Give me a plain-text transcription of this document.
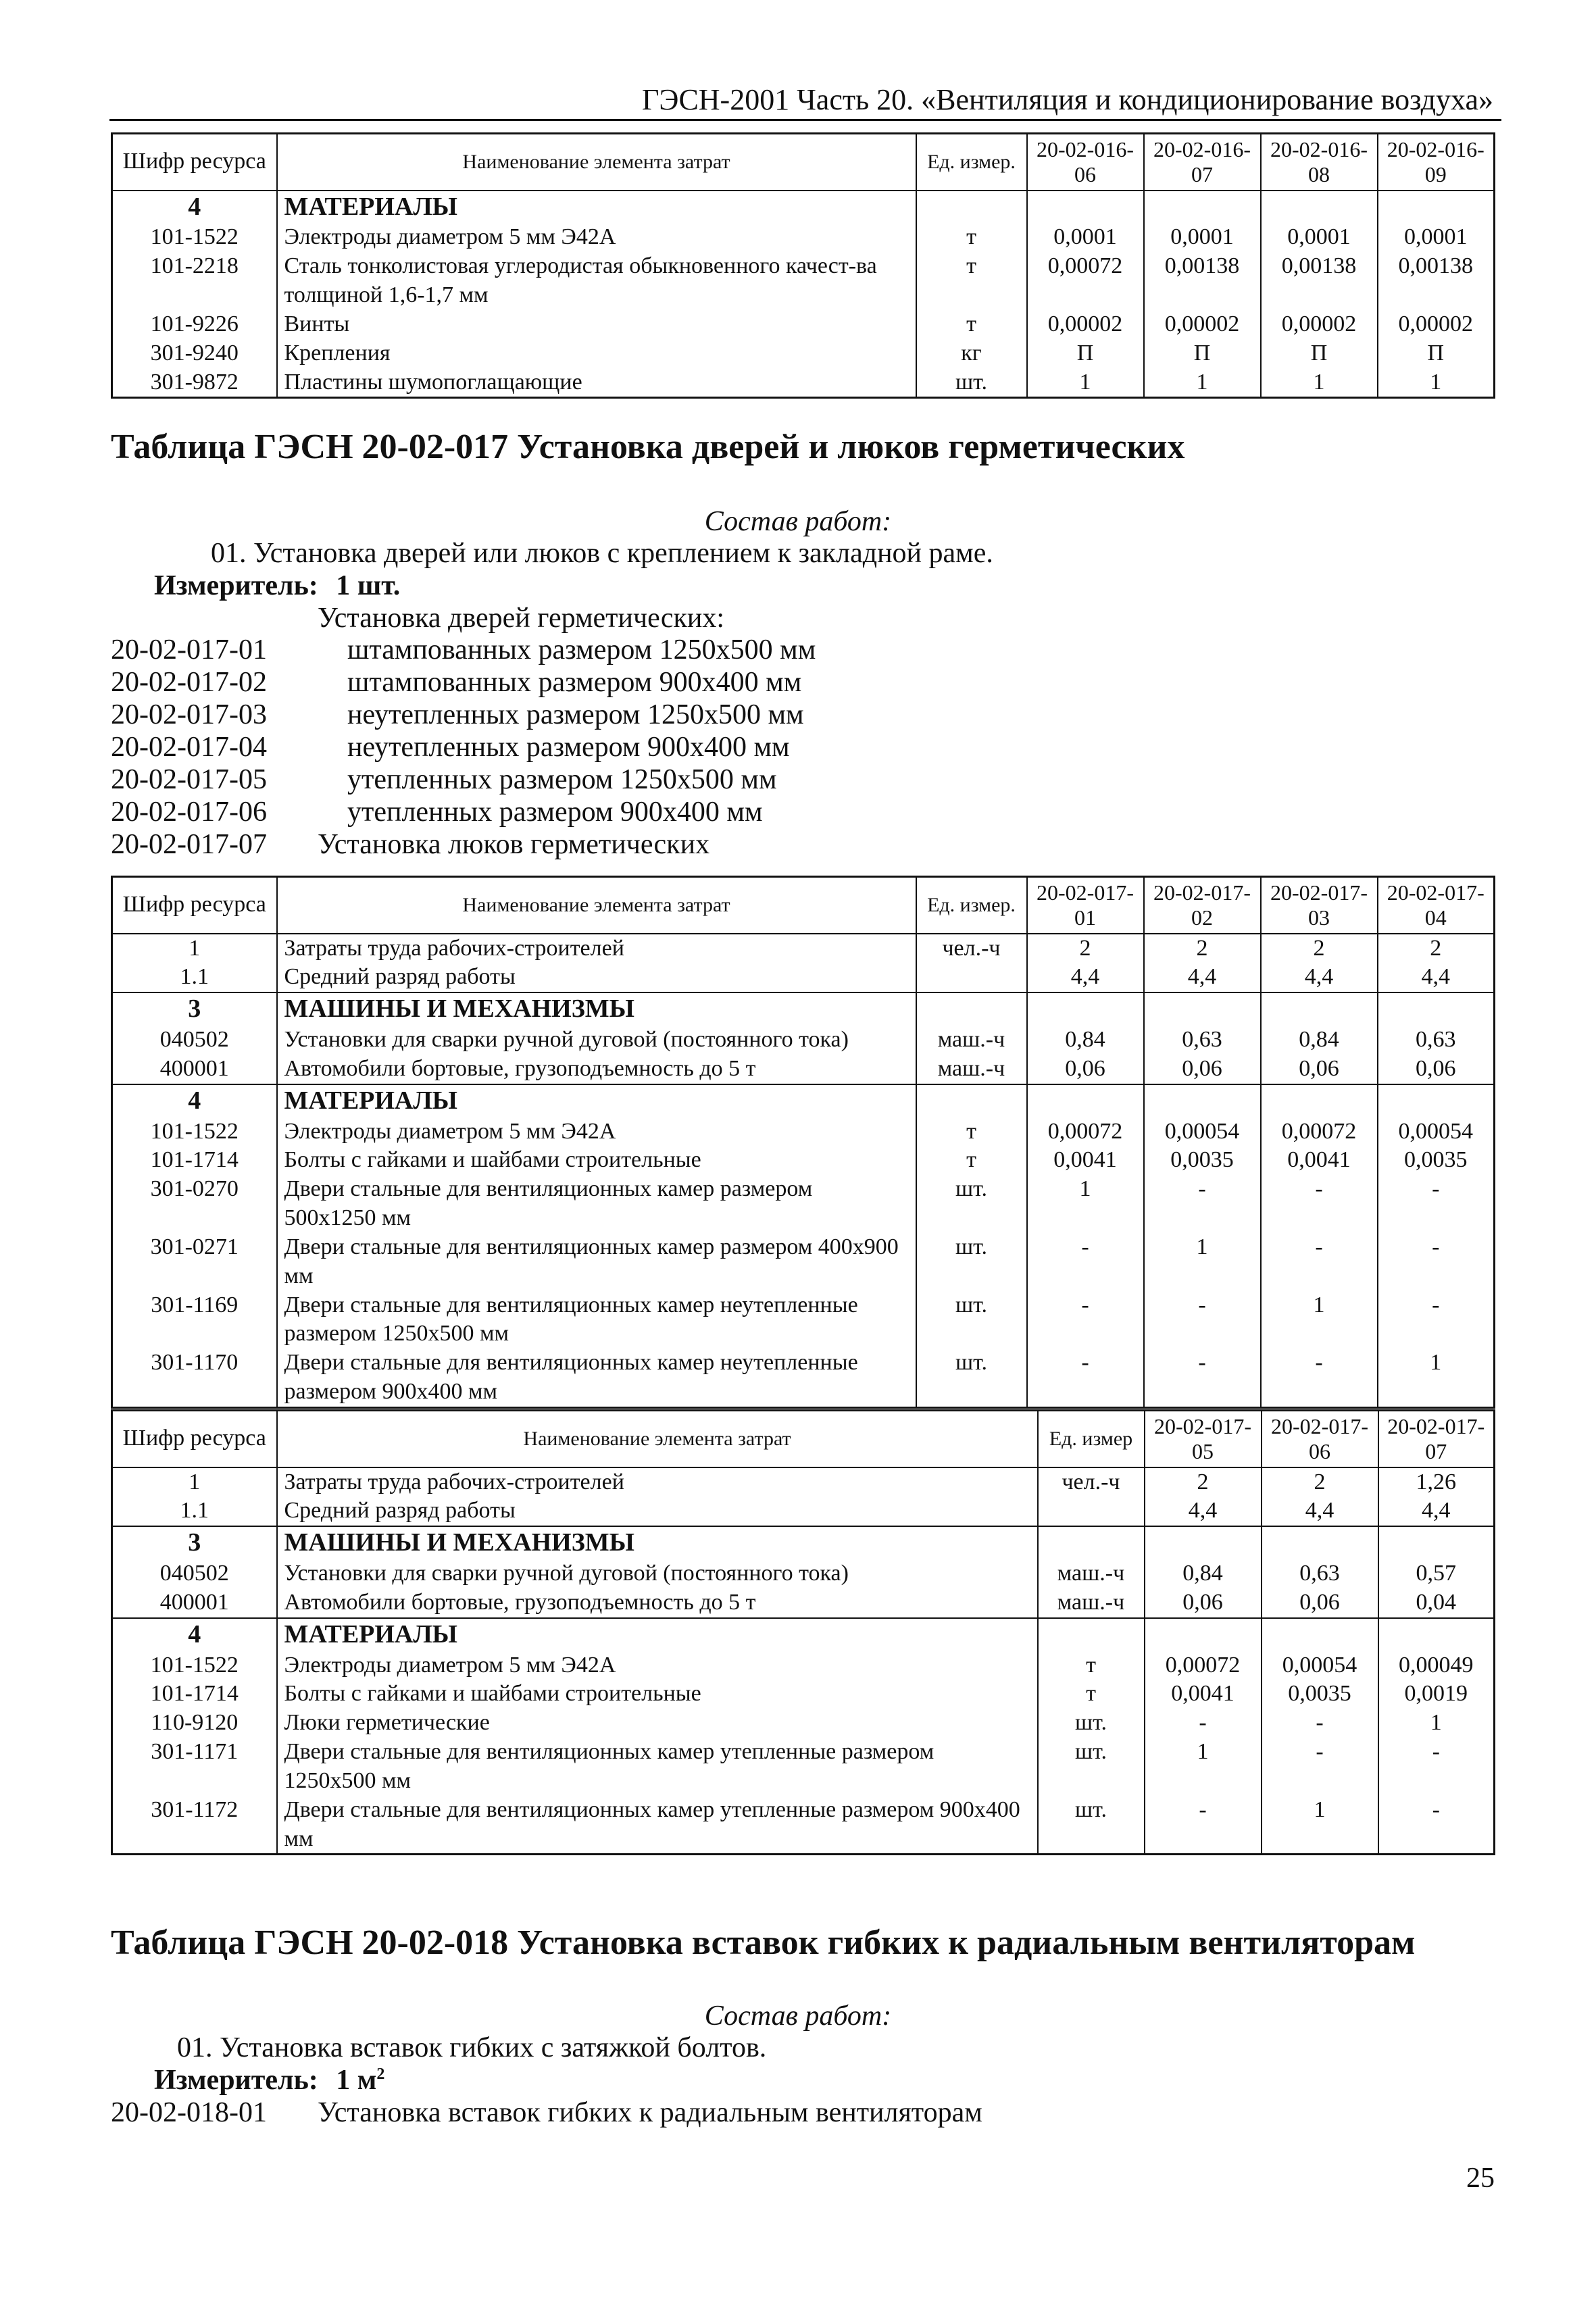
ГЭСН-2001 Часть 20. «Вентиляция и кондиционирование воздуха»
Шифр ресурса	Наименование элемента затрат	Ед. измер.	20-02-016-06	20-02-016-07	20-02-016-08	20-02-016-09
4	МАТЕРИАЛЫ					
101-1522	Электроды диаметром 5 мм Э42А	т	0,0001	0,0001	0,0001	0,0001
101-2218	Сталь тонколистовая углеродистая обыкновенного качест-ва толщиной 1,6-1,7 мм	т	0,00072	0,00138	0,00138	0,00138
101-9226	Винты	т	0,00002	0,00002	0,00002	0,00002
301-9240	Крепления	кг	П	П	П	П
301-9872	Пластины шумопоглащающие	шт.	1	1	1	1
Таблица ГЭСН 20-02-017 Установка дверей и люков герметических
Состав работ:
01. Установка дверей или люков с креплением к закладной раме.
Измеритель: 1 шт.
Установка дверей герметических:
20-02-017-01	штампованных размером 1250x500 мм
20-02-017-02	штампованных размером 900x400 мм
20-02-017-03	неутепленных размером 1250x500 мм
20-02-017-04	неутепленных размером 900x400 мм
20-02-017-05	утепленных размером 1250x500 мм
20-02-017-06	утепленных размером 900x400 мм
20-02-017-07 Установка люков герметических
Шифр ресурса	Наименование элемента затрат	Ед. измер.	20-02-017-01	20-02-017-02	20-02-017-03	20-02-017-04
1	Затраты труда рабочих-строителей	чел.-ч	2	2	2	2
1.1	Средний разряд работы		4,4	4,4	4,4	4,4
3	МАШИНЫ И МЕХАНИЗМЫ					
040502	Установки для сварки ручной дуговой (постоянного тока)	маш.-ч	0,84	0,63	0,84	0,63
400001	Автомобили бортовые, грузоподъемность до 5 т	маш.-ч	0,06	0,06	0,06	0,06
4	МАТЕРИАЛЫ					
101-1522	Электроды диаметром 5 мм Э42А	т	0,00072	0,00054	0,00072	0,00054
101-1714	Болты с гайками и шайбами строительные	т	0,0041	0,0035	0,0041	0,0035
301-0270	Двери стальные для вентиляционных камер размером 500x1250 мм	шт.	1	-	-	-
301-0271	Двери стальные для вентиляционных камер размером 400x900 мм	шт.	-	1	-	-
301-1169	Двери стальные для вентиляционных камер неутепленные размером 1250x500 мм	шт.	-	-	1	-
301-1170	Двери стальные для вентиляционных камер неутепленные размером 900x400 мм	шт.	-	-	-	1
Шифр ресурса	Наименование элемента затрат	Ед. измер	20-02-017-05	20-02-017-06	20-02-017-07
1	Затраты труда рабочих-строителей	чел.-ч	2	2	1,26
1.1	Средний разряд работы		4,4	4,4	4,4
3	МАШИНЫ И МЕХАНИЗМЫ				
040502	Установки для сварки ручной дуговой (постоянного тока)	маш.-ч	0,84	0,63	0,57
400001	Автомобили бортовые, грузоподъемность до 5 т	маш.-ч	0,06	0,06	0,04
4	МАТЕРИАЛЫ				
101-1522	Электроды диаметром 5 мм Э42А	т	0,00072	0,00054	0,00049
101-1714	Болты с гайками и шайбами строительные	т	0,0041	0,0035	0,0019
110-9120	Люки герметические	шт.	-	-	1
301-1171	Двери стальные для вентиляционных камер утепленные размером 1250x500 мм	шт.	1	-	-
301-1172	Двери стальные для вентиляционных камер утепленные размером 900x400 мм	шт.	-	1	-
Таблица ГЭСН 20-02-018 Установка вставок гибких к радиальным вентиляторам
Состав работ:
01. Установка вставок гибких с затяжкой болтов.
Измеритель: 1 $м^2$
20-02-018-01 Установка вставок гибких к радиальным вентиляторам
25
